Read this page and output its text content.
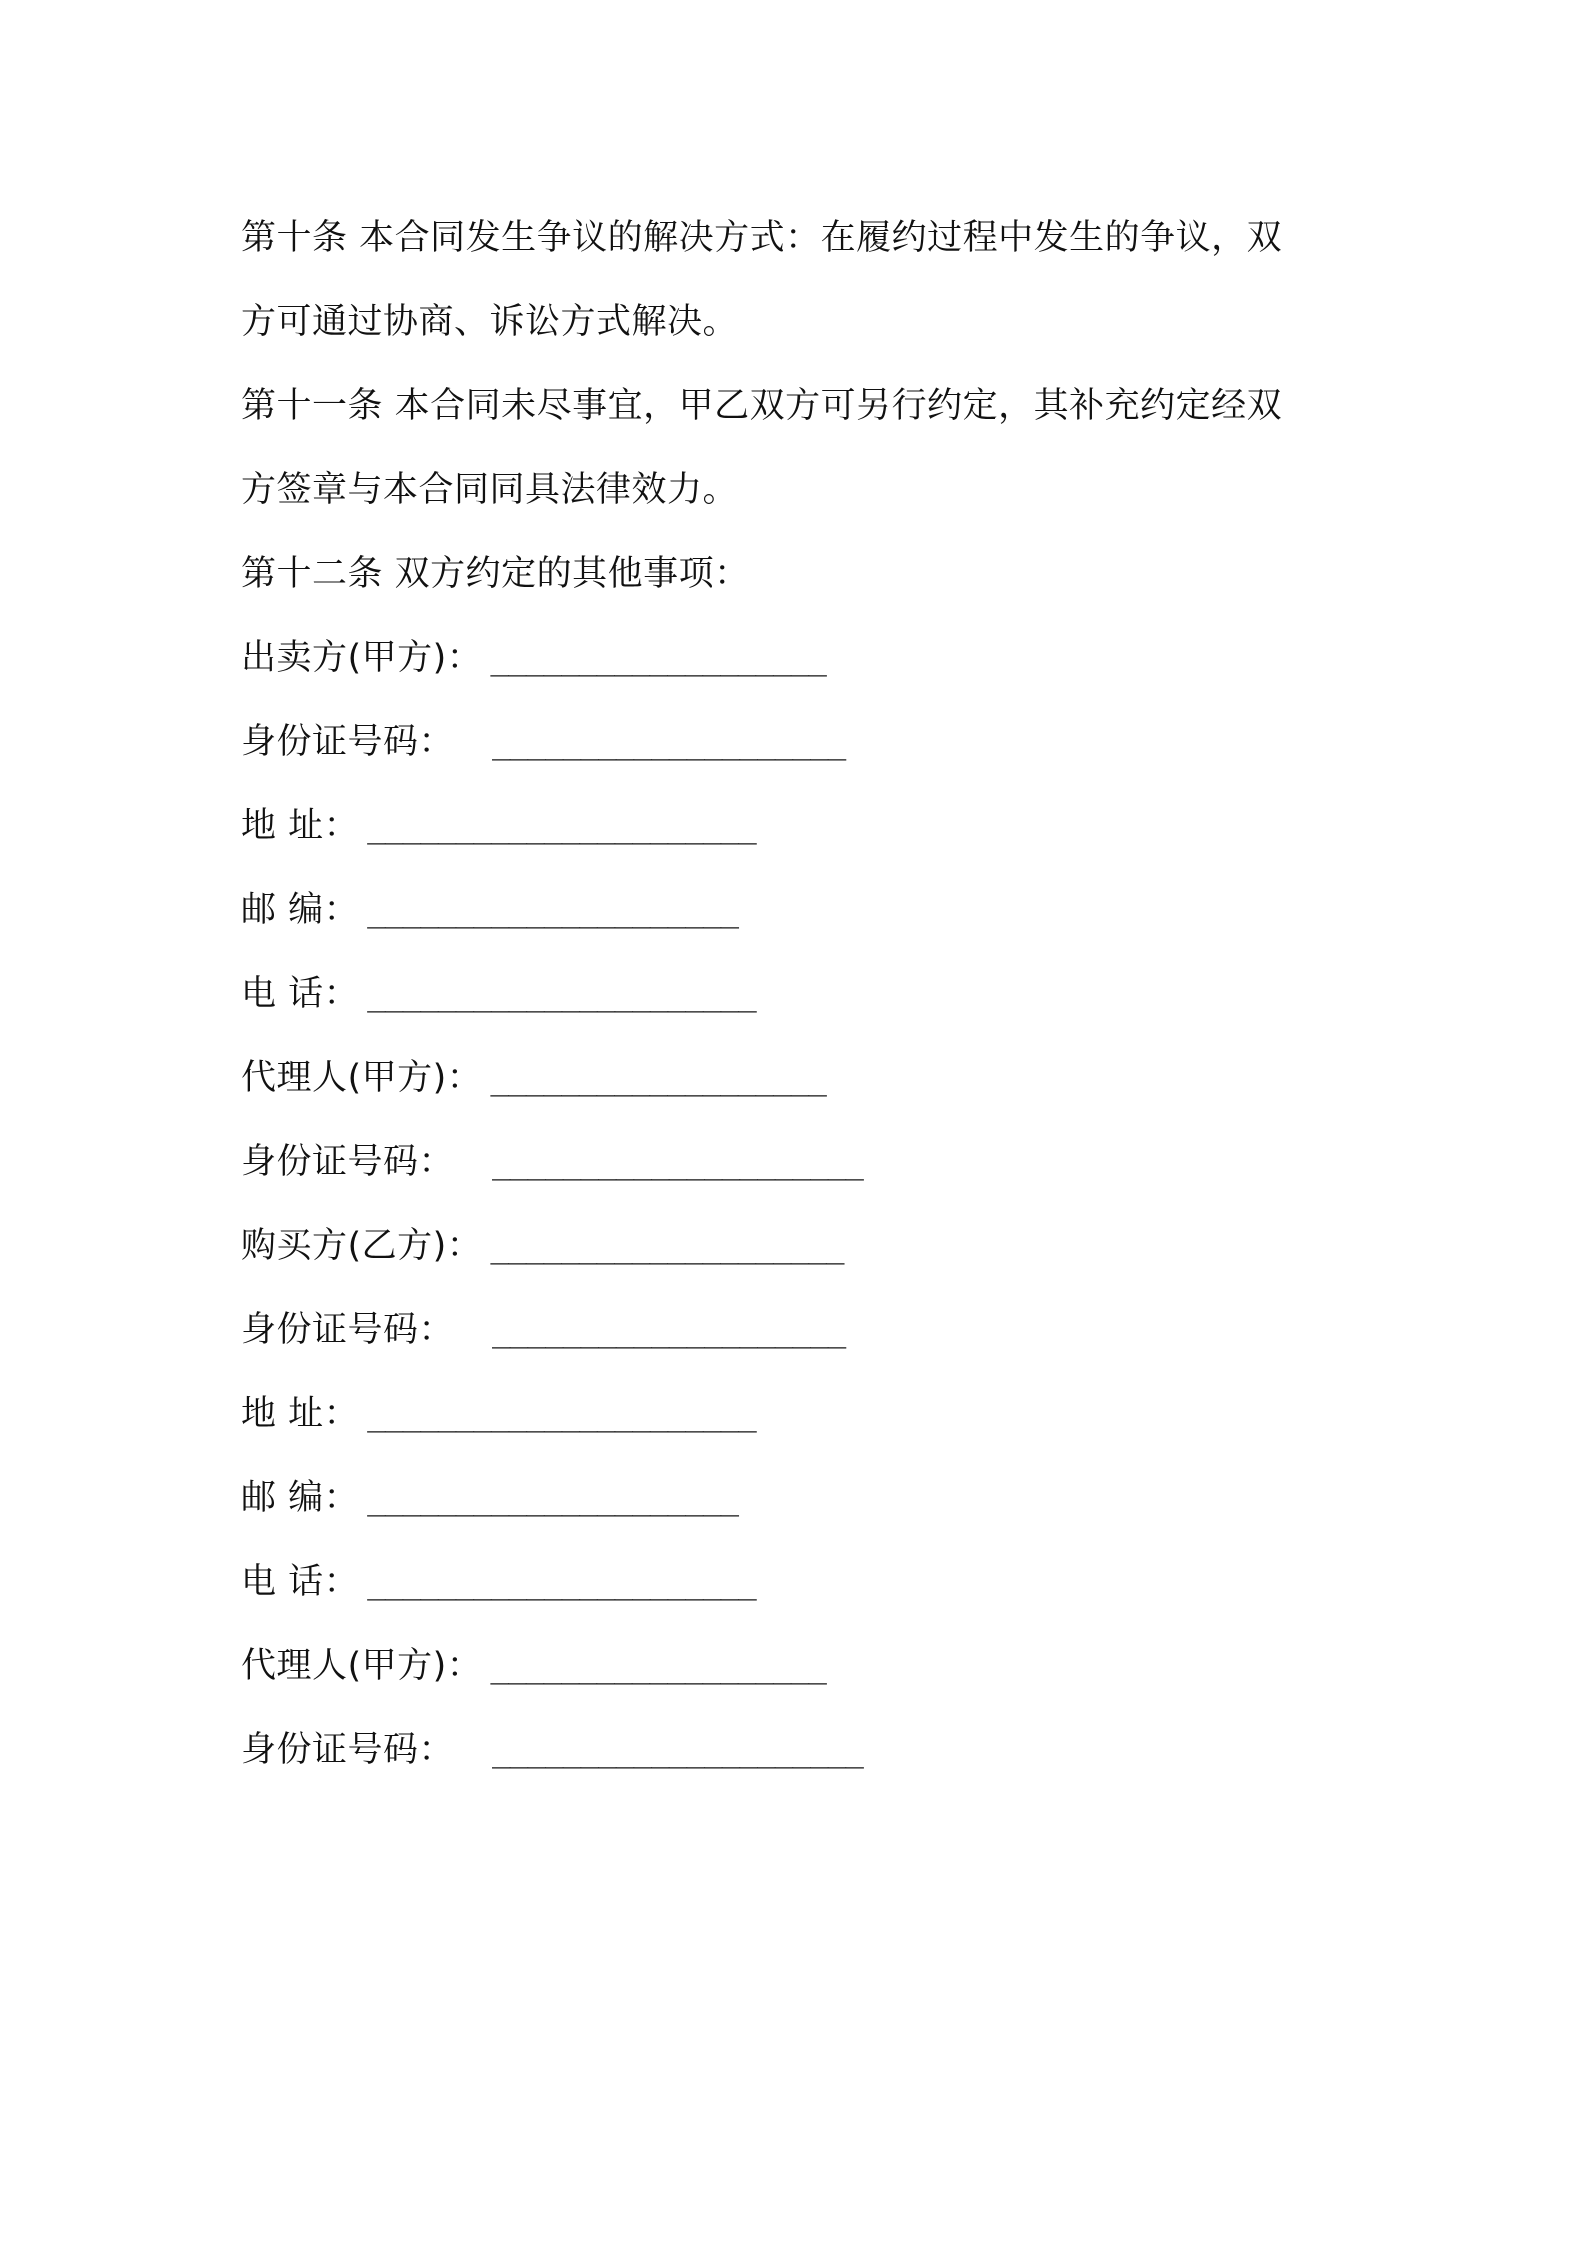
第十条 本合同发生争议的解决方式：在履约过程中发生的争议，双
方可通过协商、诉讼方式解决。
第十一条 本合同未尽事宜，甲乙双方可另行约定，其补充约定经双
方签章与本合同同具法律效力。
第十二条 双方约定的其他事项：
出卖方(甲方)： ___________________
身份证号码： ____________________
地 址： ______________________
邮 编： _____________________
电 话： ______________________
代理人(甲方)： ___________________
身份证号码： _____________________
购买方(乙方)： ____________________
身份证号码： ____________________
地 址： ______________________
邮 编： _____________________
电 话： ______________________
代理人(甲方)： ___________________
身份证号码： _____________________
